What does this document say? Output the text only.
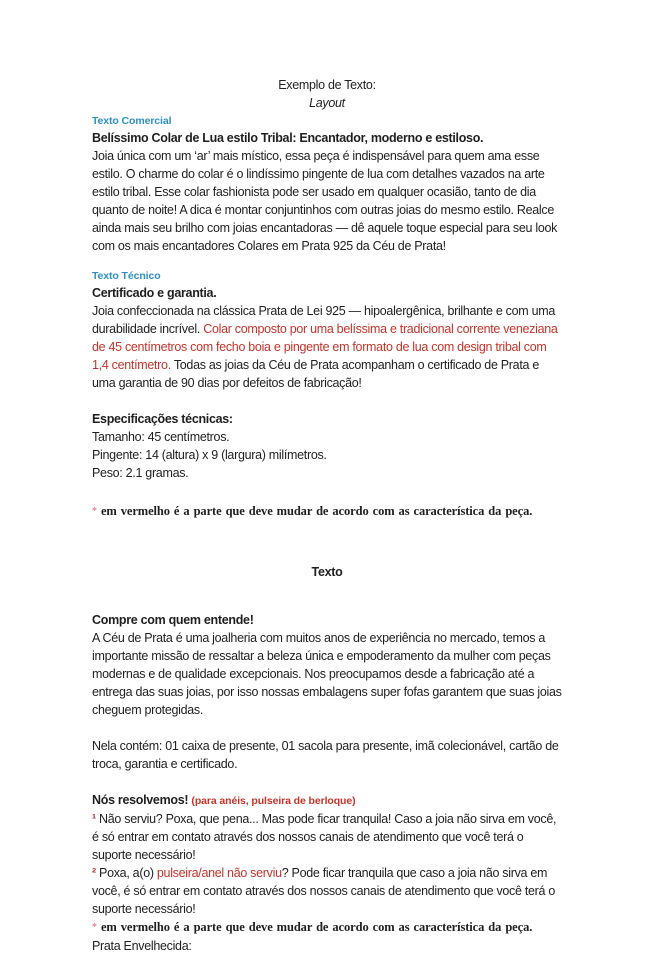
Exemplo de Texto:
Layout
Texto Comercial
Belíssimo Colar de Lua estilo Tribal: Encantador, moderno e estiloso.

Joia única com um ‘ar’ mais místico, essa peça é indispensável para quem ama esse estilo. O charme do colar é o lindíssimo pingente de lua com detalhes vazados na arte estilo tribal. Esse colar fashionista pode ser usado em qualquer ocasião, tanto de dia quanto de noite! A dica é montar conjuntinhos com outras joias do mesmo estilo. Realce ainda mais seu brilho com joias encantadoras — dê aquele toque especial para seu look com os mais encantadores Colares em Prata 925 da Céu de Prata!

Texto Técnico
Certificado e garantia.

Joia confeccionada na clássica Prata de Lei 925 — hipoalergênica, brilhante e com uma durabilidade incrível. Colar composto por uma belíssima e tradicional corrente veneziana de 45 centímetros com fecho boia e pingente em formato de lua com design tribal com 1,4 centímetro. Todas as joias da Céu de Prata acompanham o certificado de Prata e uma garantia de 90 dias por defeitos de fabricação!

Especificações técnicas:
Tamanho: 45 centímetros.
Pingente: 14 (altura) x 9 (largura) milímetros.
Peso: 2.1 gramas.
* em vermelho é a parte que deve mudar de acordo com as característica da peça.
Texto
Compre com quem entende!

A Céu de Prata é uma joalheria com muitos anos de experiência no mercado, temos a importante missão de ressaltar a beleza única e empoderamento da mulher com peças modernas e de qualidade excepcionais. Nos preocupamos desde a fabricação até a entrega das suas joias, por isso nossas embalagens super fofas garantem que suas joias cheguem protegidas.

Nela contém: 01 caixa de presente, 01 sacola para presente, imã colecionável, cartão de troca, garantia e certificado.

Nós resolvemos! (para anéis, pulseira de berloque)

¹ Não serviu? Poxa, que pena... Mas pode ficar tranquila! Caso a joia não sirva em você, é só entrar em contato através dos nossos canais de atendimento que você terá o suporte necessário!

² Poxa, a(o) pulseira/anel não serviu? Pode ficar tranquila que caso a joia não sirva em você, é só entrar em contato através dos nossos canais de atendimento que você terá o suporte necessário!

* em vermelho é a parte que deve mudar de acordo com as característica da peça.
Prata Envelhecida:
